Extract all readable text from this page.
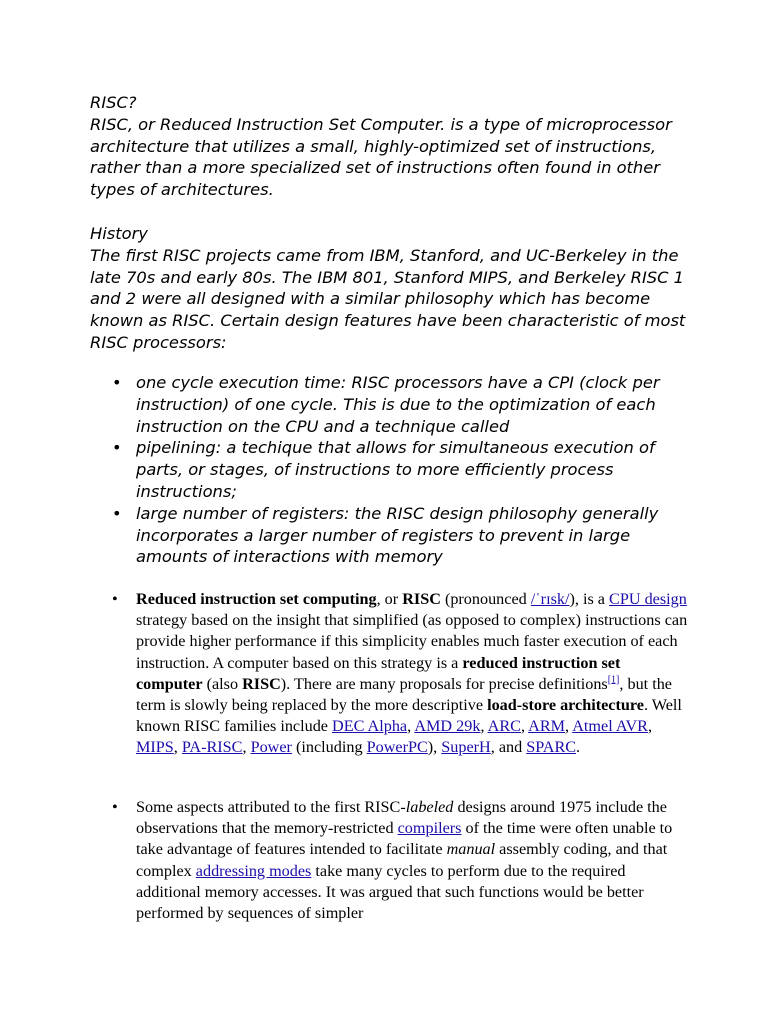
RISC?

RISC, or Reduced Instruction Set Computer. is a type of microprocessor architecture that utilizes a small, highly-optimized set of instructions, rather than a more specialized set of instructions often found in other types of architectures.

History

The first RISC projects came from IBM, Stanford, and UC-Berkeley in the late 70s and early 80s. The IBM 801, Stanford MIPS, and Berkeley RISC 1 and 2 were all designed with a similar philosophy which has become known as RISC. Certain design features have been characteristic of most RISC processors:

• one cycle execution time: RISC processors have a CPI (clock per instruction) of one cycle. This is due to the optimization of each instruction on the CPU and a technique called
• pipelining: a techique that allows for simultaneous execution of parts, or stages, of instructions to more efficiently process instructions;
• large number of registers: the RISC design philosophy generally incorporates a larger number of registers to prevent in large amounts of interactions with memory
• Reduced instruction set computing, or RISC (pronounced /ˈrɪsk/), is a CPU design strategy based on the insight that simplified (as opposed to complex) instructions can provide higher performance if this simplicity enables much faster execution of each instruction. A computer based on this strategy is a reduced instruction set computer (also RISC). There are many proposals for precise definitions[1], but the term is slowly being replaced by the more descriptive load-store architecture. Well known RISC families include DEC Alpha, AMD 29k, ARC, ARM, Atmel AVR, MIPS, PA-RISC, Power (including PowerPC), SuperH, and SPARC.
• Some aspects attributed to the first RISC-labeled designs around 1975 include the observations that the memory-restricted compilers of the time were often unable to take advantage of features intended to facilitate manual assembly coding, and that complex addressing modes take many cycles to perform due to the required additional memory accesses. It was argued that such functions would be better performed by sequences of simpler
